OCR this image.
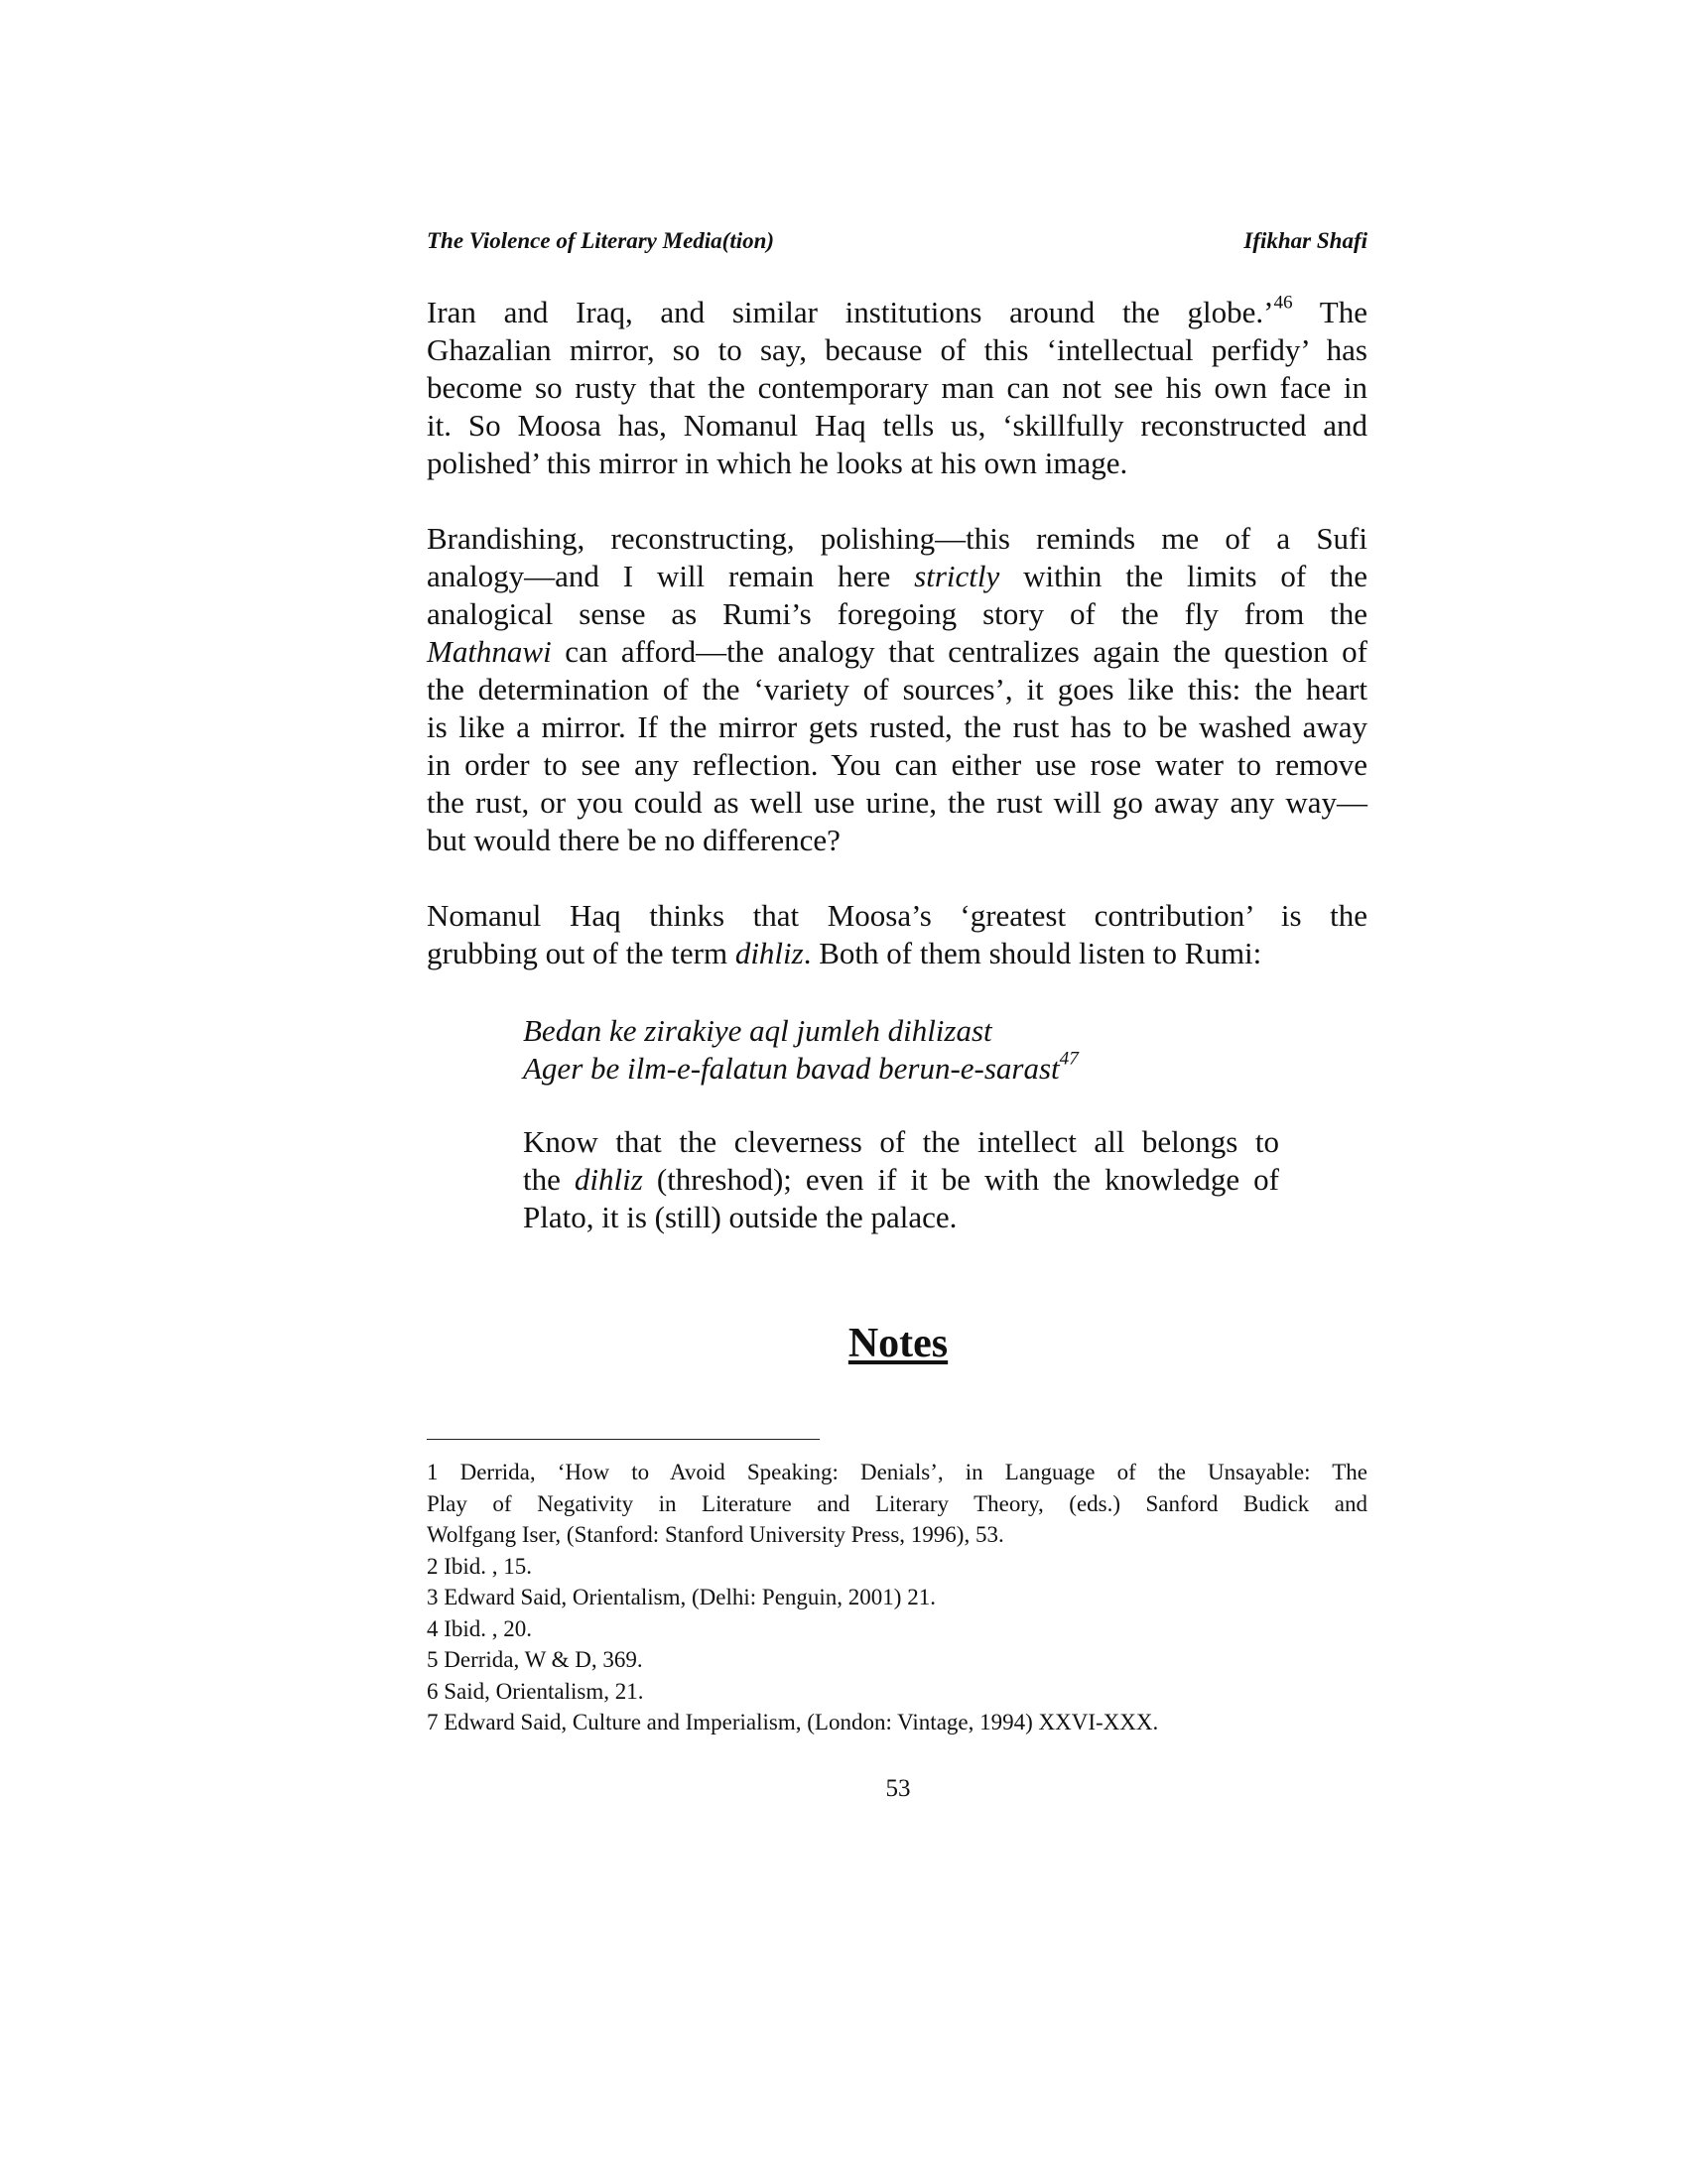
The Violence of Literary Media(tion)	Ifikhar Shafi
Iran and Iraq, and similar institutions around the globe.’$^{46}$ The
Ghazalian mirror, so to say, because of this ‘intellectual perfidy’ has
become so rusty that the contemporary man can not see his own face in
it. So Moosa has, Nomanul Haq tells us, ‘skillfully reconstructed and
polished’ this mirror in which he looks at his own image.
Brandishing, reconstructing, polishing—this reminds me of a Sufi
analogy—and I will remain here strictly within the limits of the
analogical sense as Rumi’s foregoing story of the fly from the
Mathnawi can afford—the analogy that centralizes again the question of
the determination of the ‘variety of sources’, it goes like this: the heart
is like a mirror. If the mirror gets rusted, the rust has to be washed away
in order to see any reflection. You can either use rose water to remove
the rust, or you could as well use urine, the rust will go away any way—
but would there be no difference?
Nomanul Haq thinks that Moosa’s ‘greatest contribution’ is the
grubbing out of the term dihliz. Both of them should listen to Rumi:
Bedan ke zirakiye aql jumleh dihlizast
Ager be ilm-e-falatun bavad berun-e-sarast$^{47}$
Know that the cleverness of the intellect all belongs to
the dihliz (threshod); even if it be with the knowledge of
Plato, it is (still) outside the palace.
Notes
1 Derrida, ‘How to Avoid Speaking: Denials’, in Language of the Unsayable: The
Play of Negativity in Literature and Literary Theory, (eds.) Sanford Budick and
Wolfgang Iser, (Stanford: Stanford University Press, 1996), 53.
2 Ibid. , 15.
3 Edward Said, Orientalism, (Delhi: Penguin, 2001) 21.
4 Ibid. , 20.
5 Derrida, W & D, 369.
6 Said, Orientalism, 21.
7 Edward Said, Culture and Imperialism, (London: Vintage, 1994) XXVI-XXX.
53
